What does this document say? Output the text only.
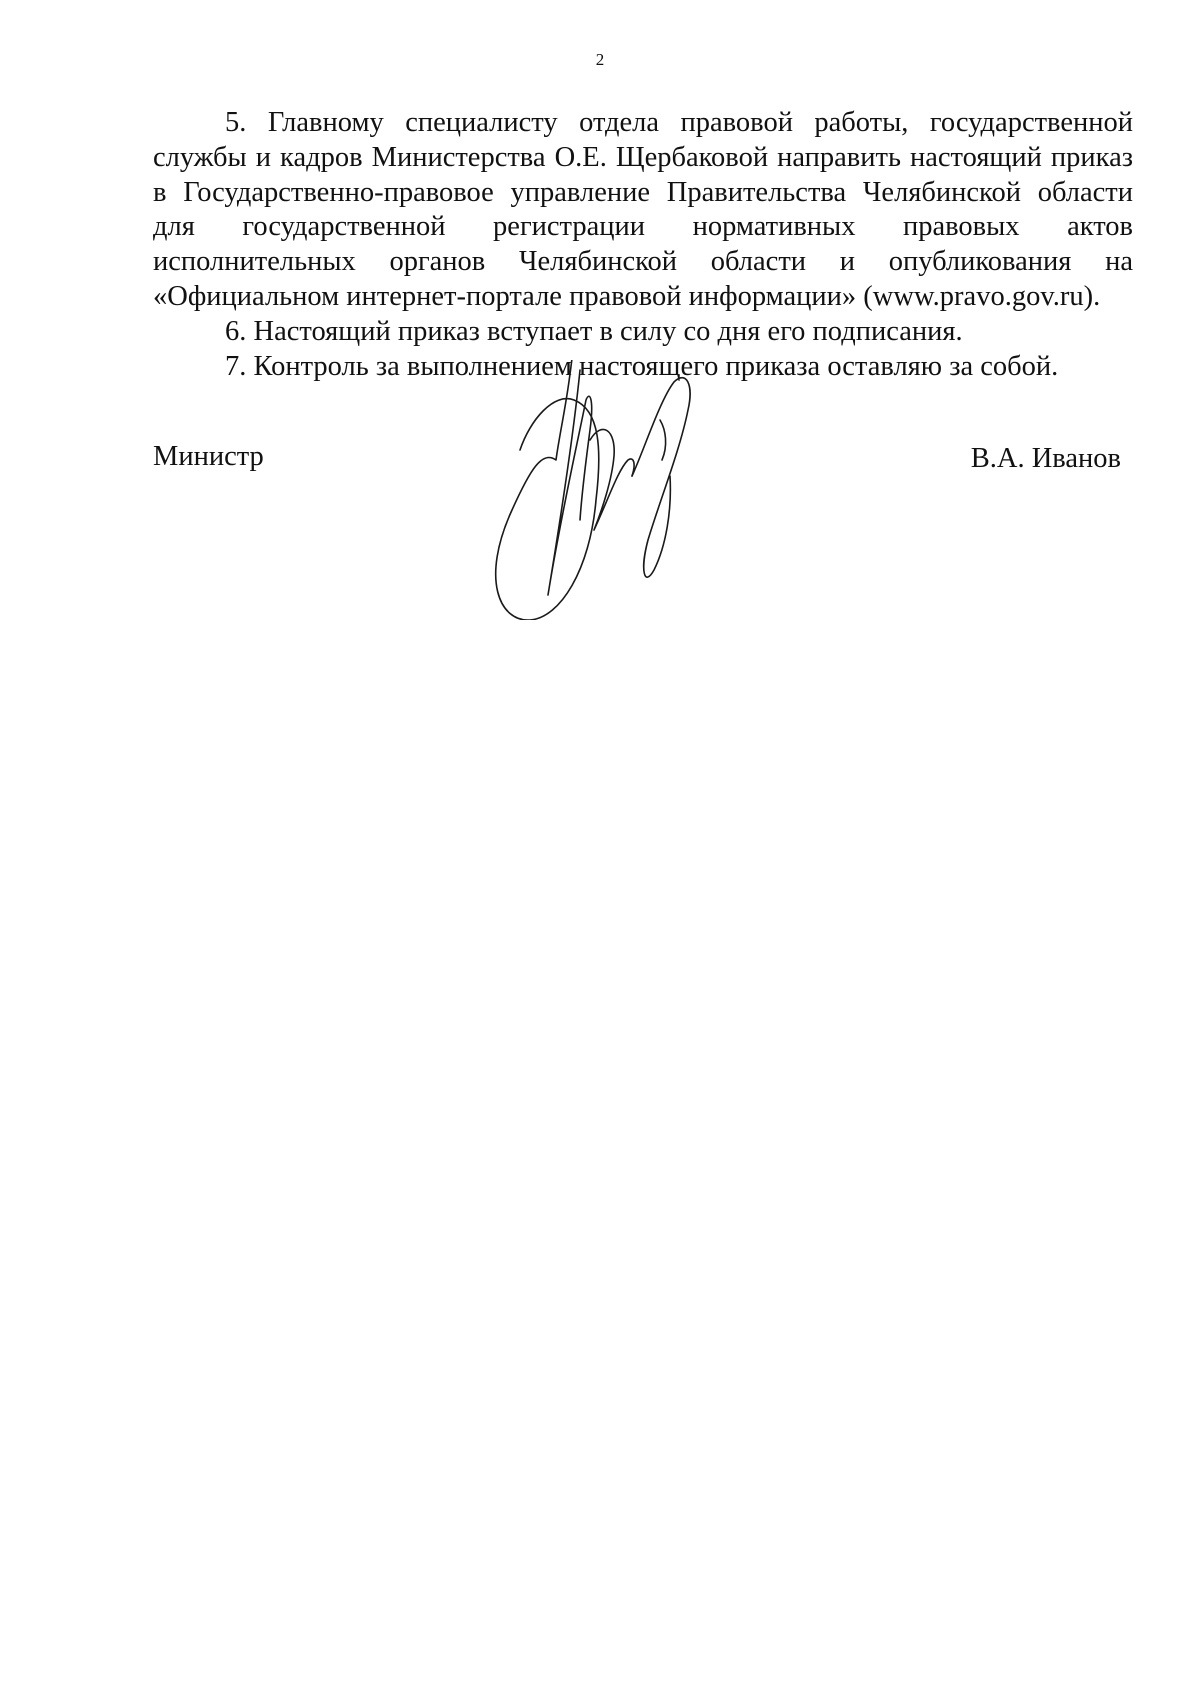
2

5. Главному специалисту отдела правовой работы, государственной службы и кадров Министерства О.Е. Щербаковой направить настоящий приказ в Государственно-правовое управление Правительства Челябинской области для государственной регистрации нормативных правовых актов исполнительных органов Челябинской области и опубликования на «Официальном интернет-портале правовой информации» (www.pravo.gov.ru).

6. Настоящий приказ вступает в силу со дня его подписания.

7. Контроль за выполнением настоящего приказа оставляю за собой.

Министр	В.А. Иванов
